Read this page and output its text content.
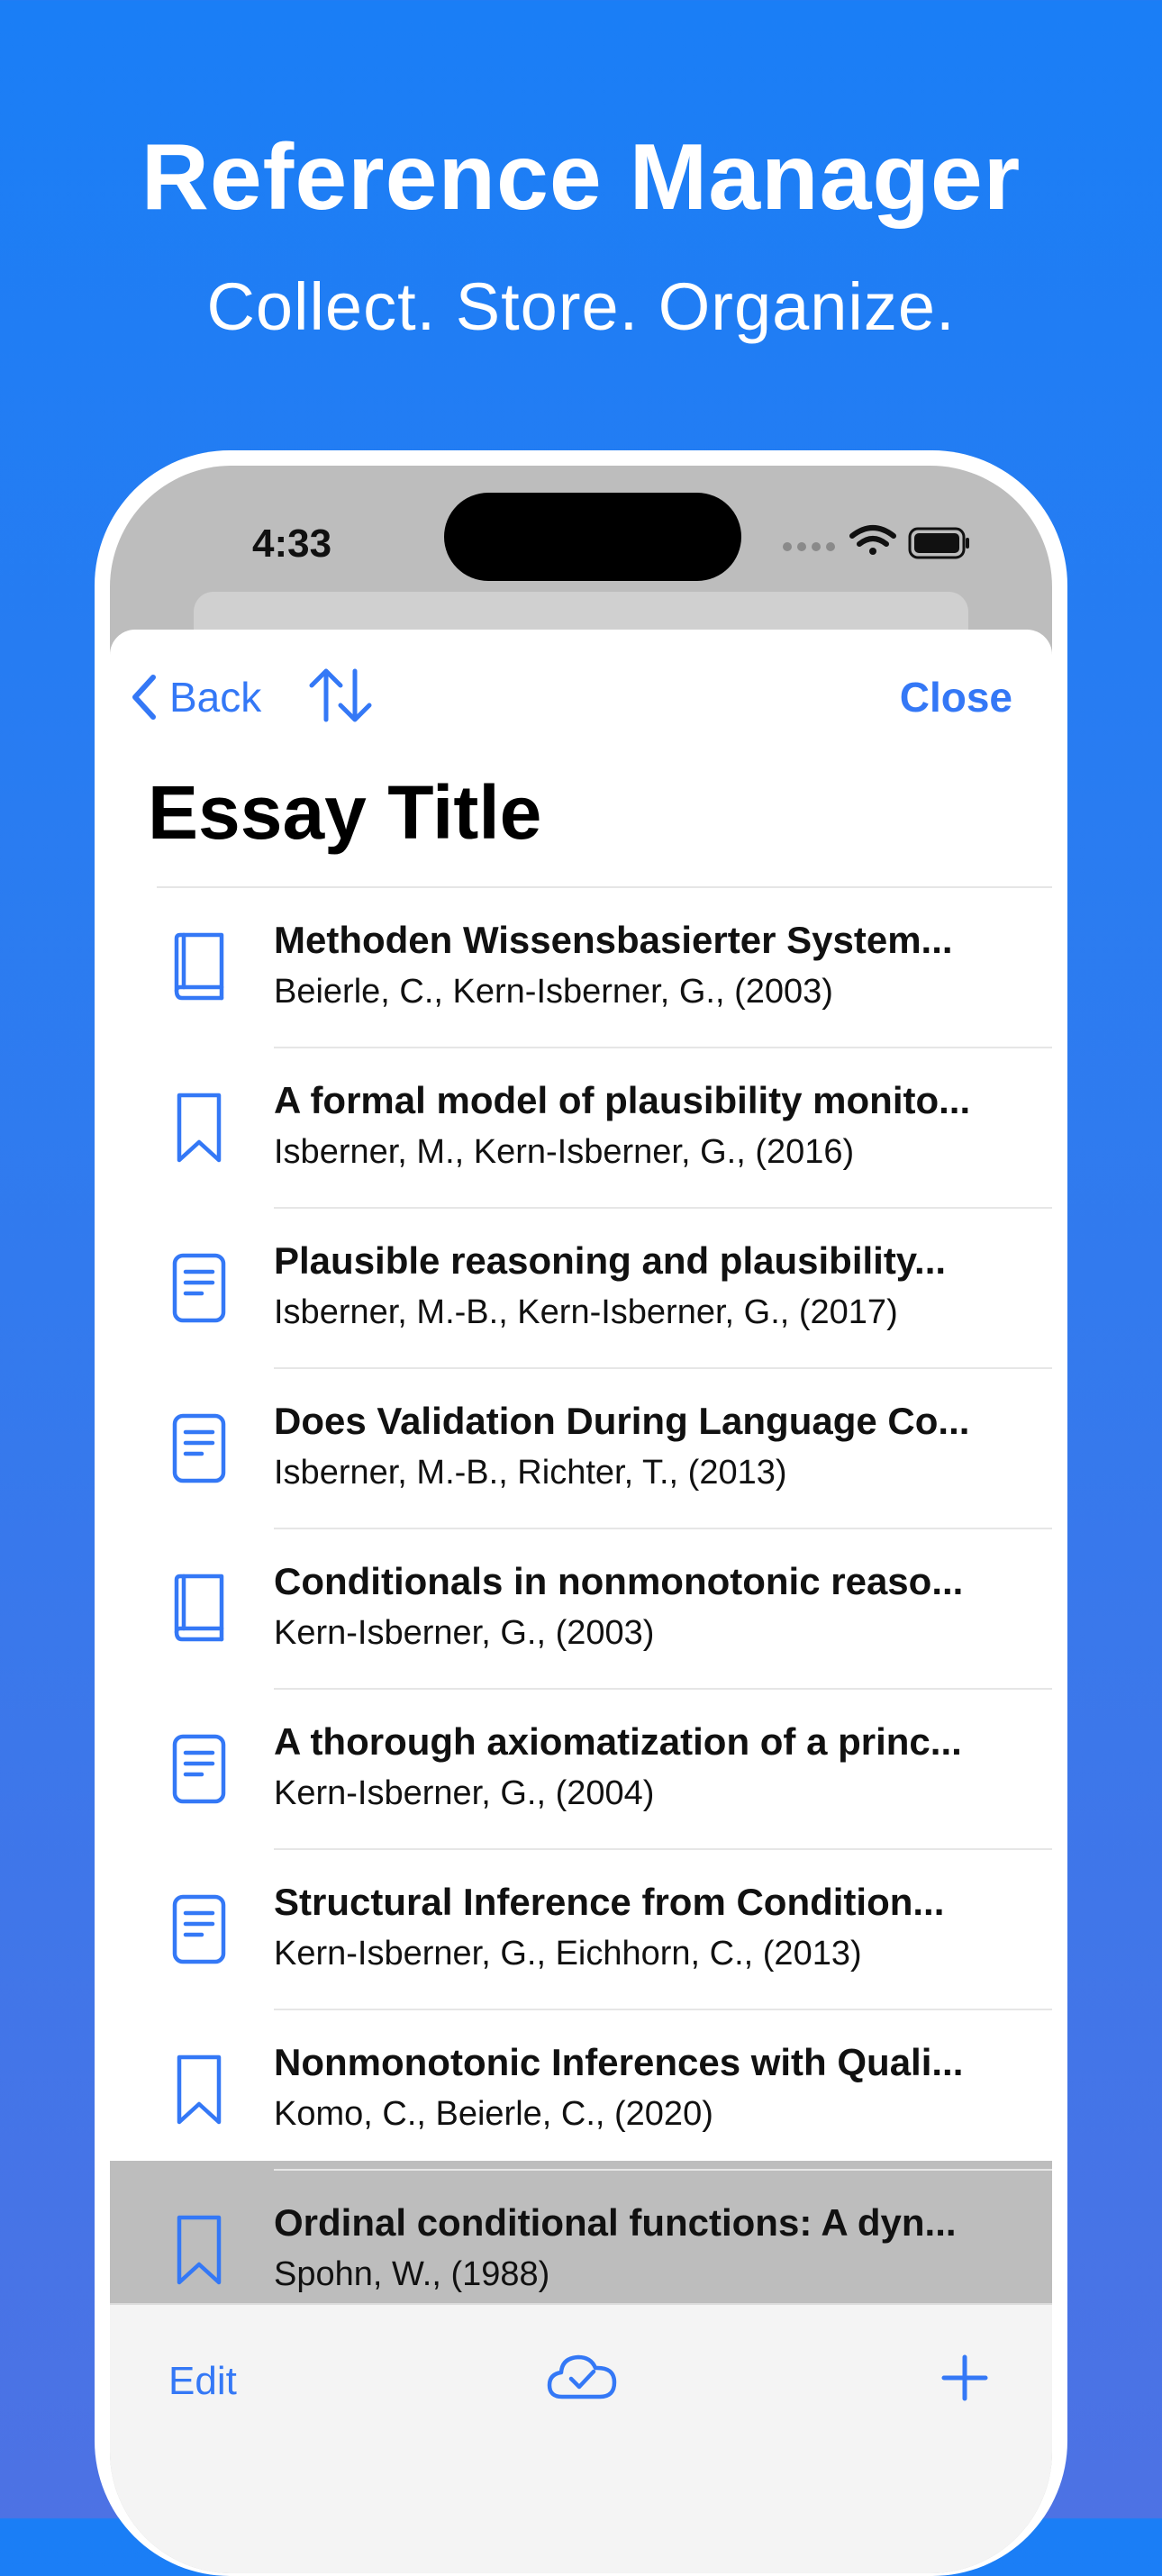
Reference Manager
Collect. Store. Organize.
4:33
Back	Close
Essay Title
Methoden Wissensbasierter System...
Beierle, C., Kern-Isberner, G., (2003)
A formal model of plausibility monito...
Isberner, M., Kern-Isberner, G., (2016)
Plausible reasoning and plausibility...
Isberner, M.-B., Kern-Isberner, G., (2017)
Does Validation During Language Co...
Isberner, M.-B., Richter, T., (2013)
Conditionals in nonmonotonic reaso...
Kern-Isberner, G., (2003)
A thorough axiomatization of a princ...
Kern-Isberner, G., (2004)
Structural Inference from Condition...
Kern-Isberner, G., Eichhorn, C., (2013)
Nonmonotonic Inferences with Quali...
Komo, C., Beierle, C., (2020)
Ordinal conditional functions: A dyn...
Spohn, W., (1988)
Edit
